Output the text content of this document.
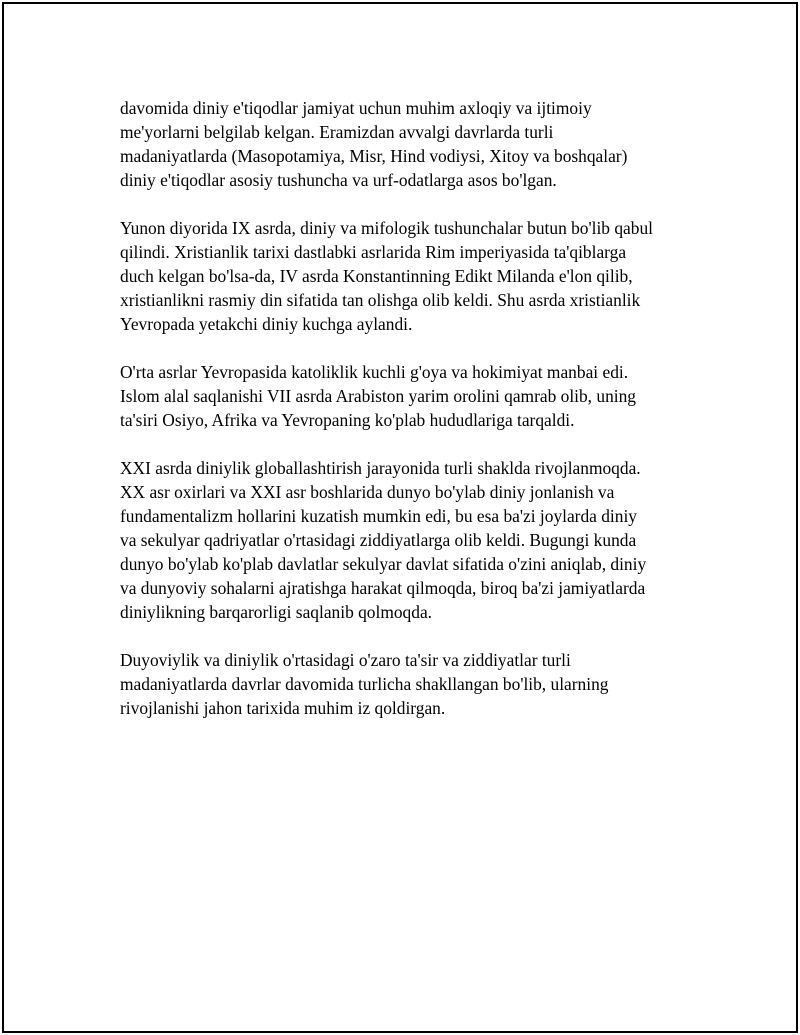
davomida diniy e'tiqodlar jamiyat uchun muhim axloqiy va ijtimoiy
me'yorlarni belgilab kelgan. Eramizdan avvalgi davrlarda turli
madaniyatlarda (Masopotamiya, Misr, Hind vodiysi, Xitoy va boshqalar)
diniy e'tiqodlar asosiy tushuncha va urf-odatlarga asos bo'lgan.

Yunon diyorida IX asrda, diniy va mifologik tushunchalar butun bo'lib qabul
qilindi. Xristianlik tarixi dastlabki asrlarida Rim imperiyasida ta'qiblarga
duch kelgan bo'lsa-da, IV asrda Konstantinning Edikt Milanda e'lon qilib,
xristianlikni rasmiy din sifatida tan olishga olib keldi. Shu asrda xristianlik
Yevropada yetakchi diniy kuchga aylandi.

O'rta asrlar Yevropasida katoliklik kuchli g'oya va hokimiyat manbai edi.
Islom alal saqlanishi VII asrda Arabiston yarim orolini qamrab olib, uning
ta'siri Osiyo, Afrika va Yevropaning ko'plab hududlariga tarqaldi.

XXI asrda diniylik globallashtirish jarayonida turli shaklda rivojlanmoqda.
XX asr oxirlari va XXI asr boshlarida dunyo bo'ylab diniy jonlanish va
fundamentalizm hollarini kuzatish mumkin edi, bu esa ba'zi joylarda diniy
va sekulyar qadriyatlar o'rtasidagi ziddiyatlarga olib keldi. Bugungi kunda
dunyo bo'ylab ko'plab davlatlar sekulyar davlat sifatida o'zini aniqlab, diniy
va dunyoviy sohalarni ajratishga harakat qilmoqda, biroq ba'zi jamiyatlarda
diniylikning barqarorligi saqlanib qolmoqda.

Duyoviylik va diniylik o'rtasidagi o'zaro ta'sir va ziddiyatlar turli
madaniyatlarda davrlar davomida turlicha shakllangan bo'lib, ularning
rivojlanishi jahon tarixida muhim iz qoldirgan.
